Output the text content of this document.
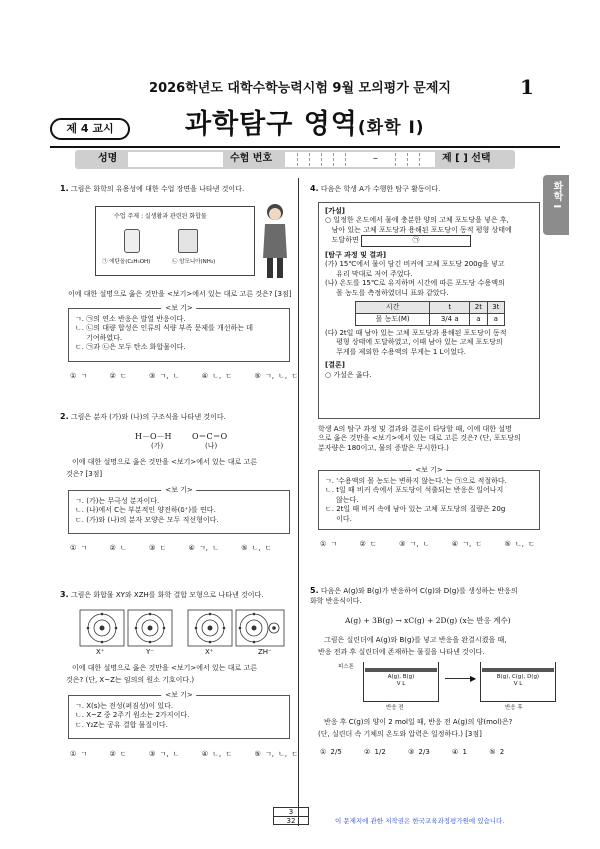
2026학년도 대학수학능력시험 9월 모의평가 문제지	1
제 4 교시	과학탐구 영역(화학 I)
성명	수험 번호	–	제 [ ] 선택
화학 I
1. 그림은 화학의 유용성에 대한 수업 장면을 나타낸 것이다.
수업 주제 : 실생활과 관련된 화합물
㉠ 에탄올(C₂H₅OH)	㉡ 암모니아(NH₃)
이에 대한 설명으로 옳은 것만을 <보기>에서 있는 대로 고른 것은? [3점]
<보 기>
ㄱ. ㉠의 연소 반응은 발열 반응이다.
ㄴ. ㉡의 대량 합성은 인류의 식량 부족 문제를 개선하는 데
기여하였다.
ㄷ. ㉠과 ㉡은 모두 탄소 화합물이다.
① ㄱ	② ㄷ	③ ㄱ, ㄴ	④ ㄴ, ㄷ	⑤ ㄱ, ㄴ, ㄷ
2. 그림은 분자 (가)와 (나)의 구조식을 나타낸 것이다.
H－O－H	O＝C＝O
(가)	(나)
이에 대한 설명으로 옳은 것만을 <보기>에서 있는 대로 고른
것은? [3점]
<보 기>
ㄱ. (가)는 무극성 분자이다.
ㄴ. (나)에서 C는 부분적인 양전하(δ⁺)를 띤다.
ㄷ. (가)와 (나)의 분자 모양은 모두 직선형이다.
① ㄱ	② ㄴ	③ ㄷ	④ ㄱ, ㄴ	⑤ ㄴ, ㄷ
3. 그림은 화합물 XY와 XZH를 화학 결합 모형으로 나타낸 것이다.
X⁺	Y⁻	X⁺	ZH⁻
이에 대한 설명으로 옳은 것만을 <보기>에서 있는 대로 고른
것은? (단, X~Z는 임의의 원소 기호이다.)
<보 기>
ㄱ. X(s)는 전성(펴짐성)이 있다.
ㄴ. X~Z 중 2주기 원소는 2가지이다.
ㄷ. Y₂Z는 공유 결합 물질이다.
① ㄱ	② ㄷ	③ ㄱ, ㄴ	④ ㄴ, ㄷ	⑤ ㄱ, ㄴ, ㄷ
4. 다음은 학생 A가 수행한 탐구 활동이다.
[가설]
○ 일정한 온도에서 물에 충분한 양의 고체 포도당을 넣은 후,
남아 있는 고체 포도당과 용해된 포도당이 동적 평형 상태에
도달하면	㉠
[탐구 과정 및 결과]
(가) 15℃에서 물이 담긴 비커에 고체 포도당 200g을 넣고
유리 막대로 저어 주었다.
(나) 온도를 15℃로 유지하며 시간에 따른 포도당 수용액의
몰 농도를 측정하였더니 표와 같았다.
시간	t	2t	3t
몰 농도(M)	3/4 a	a	a
(다) 2t일 때 남아 있는 고체 포도당과 용해된 포도당이 동적
평형 상태에 도달하였고, 이때 남아 있는 고체 포도당의
무게를 제외한 수용액의 무게는 1 L이었다.
[결론]
○ 가설은 옳다.
학생 A의 탐구 과정 및 결과와 결론이 타당할 때, 이에 대한 설명
으로 옳은 것만을 <보기>에서 있는 대로 고른 것은? (단, 포도당의
분자량은 180이고, 물의 증발은 무시한다.)
<보 기>
ㄱ. '수용액의 몰 농도는 변하지 않는다.'는 ㉠으로 적절하다.
ㄴ. t일 때 비커 속에서 포도당이 석출되는 반응은 일어나지
않는다.
ㄷ. 2t일 때 비커 속에 남아 있는 고체 포도당의 질량은 20g
이다.
① ㄱ	② ㄷ	③ ㄱ, ㄴ	④ ㄱ, ㄷ	⑤ ㄴ, ㄷ
5. 다음은 A(g)와 B(g)가 반응하여 C(g)와 D(g)를 생성하는 반응의
화학 반응식이다.
A(g) + 3B(g) → xC(g) + 2D(g) (x는 반응 계수)
그림은 실린더에 A(g)와 B(g)를 넣고 반응을 완결시켰을 때,
반응 전과 후 실린더에 존재하는 물질을 나타낸 것이다.
피스톤
A(g), B(g)
V L
반응 전
▶	B(g), C(g), D(g)
V L
반응 후
반응 후 C(g)의 양이 2 mol일 때, 반응 전 A(g)의 양(mol)은?
(단, 실린더 속 기체의 온도와 압력은 일정하다.) [3점]
① 2/5	② 1/2	③ 2/3	④ 1	⑤ 2
3
32	이 문제지에 관한 저작권은 한국교육과정평가원에 있습니다.
